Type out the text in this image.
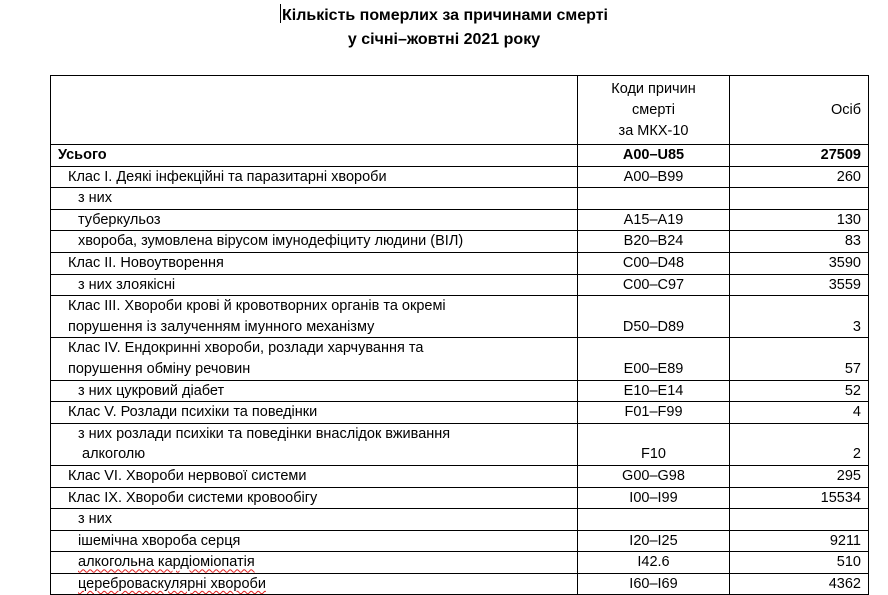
Кількість померлих за причинами смерті
у січні–жовтні 2021 року

	Коди причин
смерті
за МКХ-10	Осіб
Усього	A00–U85	27509
Клас I. Деякі інфекційні та паразитарні хвороби	A00–B99	260
з них		
туберкульоз	A15–A19	130
хвороба, зумовлена вірусом імунодефіциту людини (ВІЛ)	B20–B24	83
Клас II. Новоутворення	C00–D48	3590
з них злоякісні	C00–C97	3559

Клас III. Хвороби крові й кровотворних органів та окремі
порушення із залученням імунного механізму	D50–D89	3

Клас IV. Ендокринні хвороби, розлади харчування та
порушення обміну речовин	E00–E89	57
з них цукровий діабет	E10–E14	52
Клас V. Розлади психіки та поведінки	F01–F99	4

з них розлади психіки та поведінки внаслідок вживання
алкоголю	F10	2
Клас VI. Хвороби нервової системи	G00–G98	295
Клас IX. Хвороби системи кровообігу	I00–I99	15534
з них		
ішемічна хвороба серця	I20–I25	9211
алкогольна кардіоміопатія	I42.6	510
цереброваскулярні хвороби	I60–I69	4362
